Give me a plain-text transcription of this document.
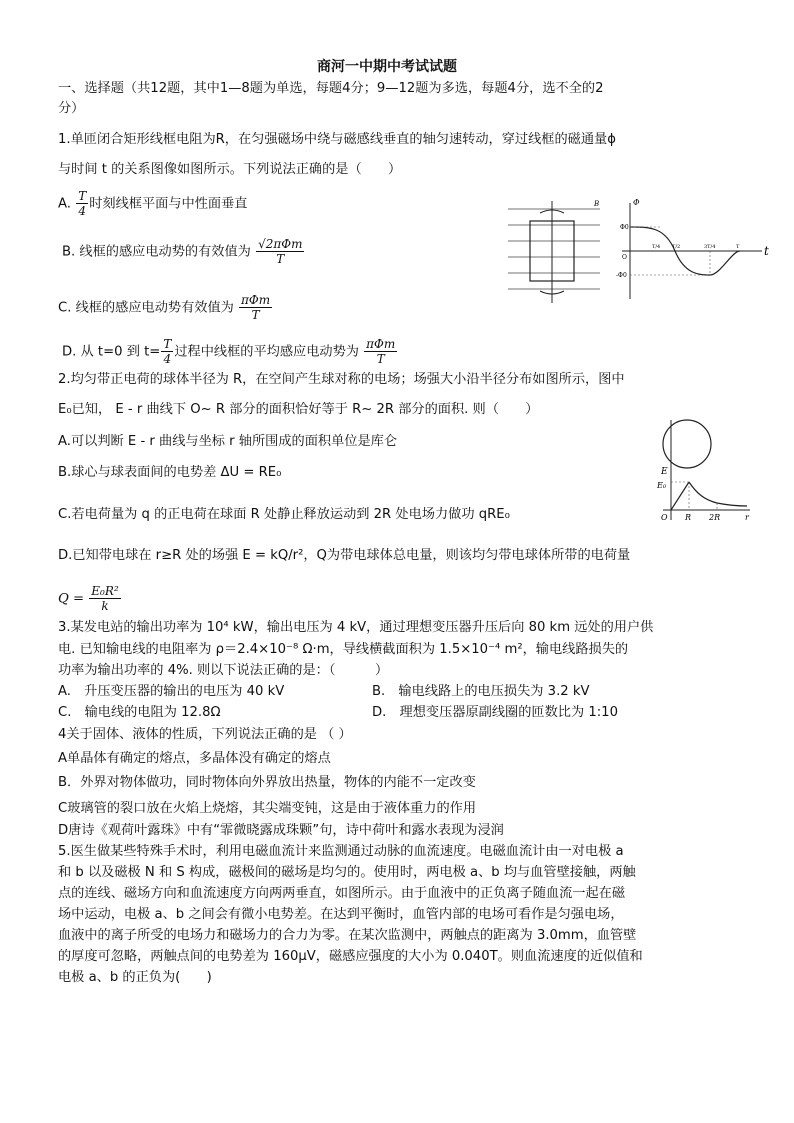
商河一中期中考试试题
一、选择题（共12题，其中1—8题为单选，每题4分；9—12题为多选，每题4分，选不全的2
分）
1.单匝闭合矩形线框电阻为R，在匀强磁场中绕与磁感线垂直的轴匀速转动，穿过线框的磁通量ϕ
与时间 t 的关系图像如图所示。下列说法正确的是（　　）
A. $\frac{T}{4}$ 时刻线框平面与中性面垂直
B. 线框的感应电动势的有效值为 $\frac{\text{√2πΦm}}{T}$
C. 线框的感应电动势有效值为 $\frac{\text{πΦm}}{T}$
D. 从 t=0 到 $t= \frac{T}{4}$ 过程中线框的平均感应电动势为 $\frac{\text{πΦm}}{T}$
B	Φ
Φ0
-Φ0
O	t
T/4 T/2	3T/4	T
2.均匀带正电荷的球体半径为 R，在空间产生球对称的电场；场强大小沿半径分布如图所示，图中
E₀已知， E - r 曲线下 O~ R 部分的面积恰好等于 R~ 2R 部分的面积. 则（　　）
A.可以判断 E - r 曲线与坐标 r 轴所围成的面积单位是库仑
B.球心与球表面间的电势差 ΔU = RE₀
C.若电荷量为 q 的正电荷在球面 R 处静止释放运动到 2R 处电场力做功 qRE₀
D.已知带电球在 r≥R 处的场强 E = kQ/r²，Q为带电球体总电量，则该均匀带电球体所带的电荷量
$Q = \frac{\text{E₀R²}}{k}$
E
E₀
O R 2R	r
3.某发电站的输出功率为 10⁴ kW，输出电压为 4 kV，通过理想变压器升压后向 80 km 远处的用户供
电. 已知输电线的电阻率为 ρ＝2.4×10⁻⁸ Ω·m，导线横截面积为 1.5×10⁻⁴ m²，输电线路损失的
功率为输出功率的 4%. 则以下说法正确的是：（　　　）
A.　升压变压器的输出的电压为 40 kV	B.　输电线路上的电压损失为 3.2 kV
C.　输电线的电阻为 12.8Ω	D.　理想变压器原副线圈的匝数比为 1:10
4关于固体、液体的性质，下列说法正确的是 （ ）
A单晶体有确定的熔点，多晶体没有确定的熔点
B．外界对物体做功，同时物体向外界放出热量，物体的内能不一定改变
C玻璃管的裂口放在火焰上烧熔，其尖端变钝，这是由于液体重力的作用
D唐诗《观荷叶露珠》中有“霏微晓露成珠颗”句，诗中荷叶和露水表现为浸润
5.医生做某些特殊手术时，利用电磁血流计来监测通过动脉的血流速度。电磁血流计由一对电极 a
和 b 以及磁极 N 和 S 构成，磁极间的磁场是均匀的。使用时，两电极 a、b 均与血管壁接触，两触
点的连线、磁场方向和血流速度方向两两垂直，如图所示。由于血液中的正负离子随血流一起在磁
场中运动，电极 a、b 之间会有微小电势差。在达到平衡时，血管内部的电场可看作是匀强电场，
血液中的离子所受的电场力和磁场力的合力为零。在某次监测中，两触点的距离为 3.0mm，血管壁
的厚度可忽略，两触点间的电势差为 160μV，磁感应强度的大小为 0.040T。则血流速度的近似值和
电极 a、b 的正负为(　　)
